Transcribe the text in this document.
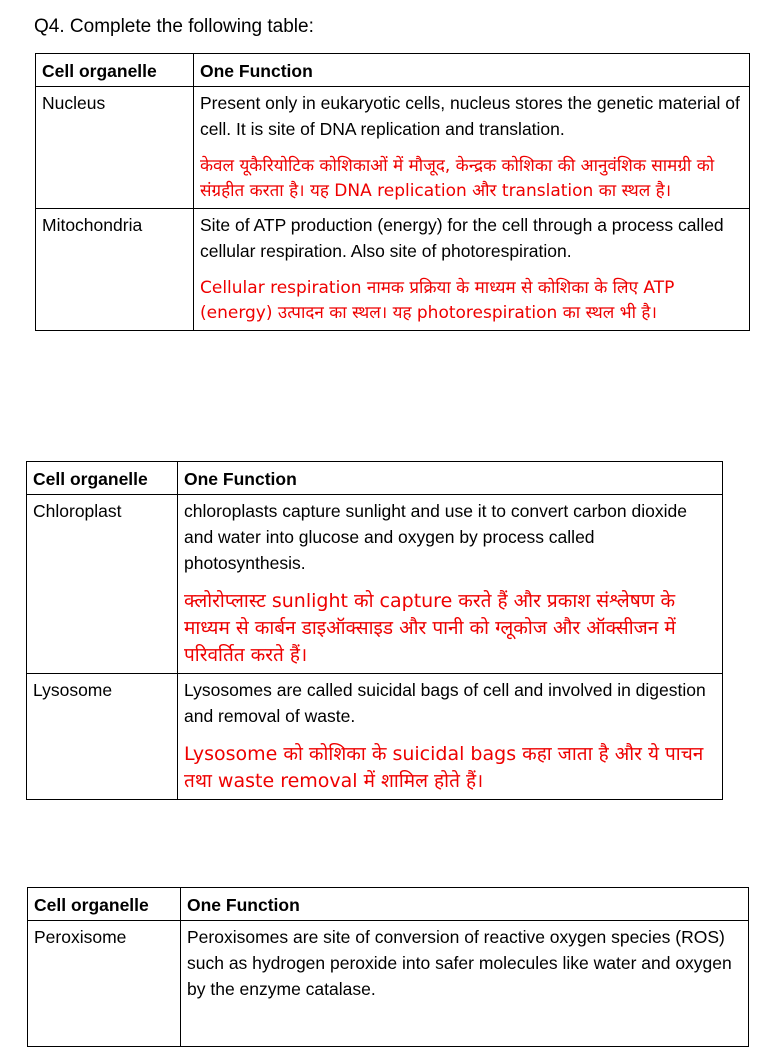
Q4. Complete the following table:
Cell organelle	One Function
Nucleus	Present only in eukaryotic cells, nucleus stores the genetic material of cell. It is site of DNA replication and translation.
केवल यूकैरियोटिक कोशिकाओं में मौजूद, केन्द्रक कोशिका की आनुवंशिक सामग्री को संग्रहीत करता है। यह DNA replication और translation का स्थल है।

Mitochondria	Site of ATP production (energy) for the cell through a process called cellular respiration. Also site of photorespiration.
Cellular respiration नामक प्रक्रिया के माध्यम से कोशिका के लिए ATP (energy) उत्पादन का स्थल। यह photorespiration का स्थल भी है।
Cell organelle	One Function
Chloroplast	chloroplasts capture sunlight and use it to convert carbon dioxide and water into glucose and oxygen by process called photosynthesis.
क्लोरोप्लास्ट sunlight को capture करते हैं और प्रकाश संश्लेषण के माध्यम से कार्बन डाइऑक्साइड और पानी को ग्लूकोज और ऑक्सीजन में परिवर्तित करते हैं।

Lysosome	Lysosomes are called suicidal bags of cell and involved in digestion and removal of waste.
Lysosome को कोशिका के suicidal bags कहा जाता है और ये पाचन तथा waste removal में शामिल होते हैं।
Cell organelle	One Function
Peroxisome	Peroxisomes are site of conversion of reactive oxygen species (ROS) such as hydrogen peroxide into safer molecules like water and oxygen by the enzyme catalase.
